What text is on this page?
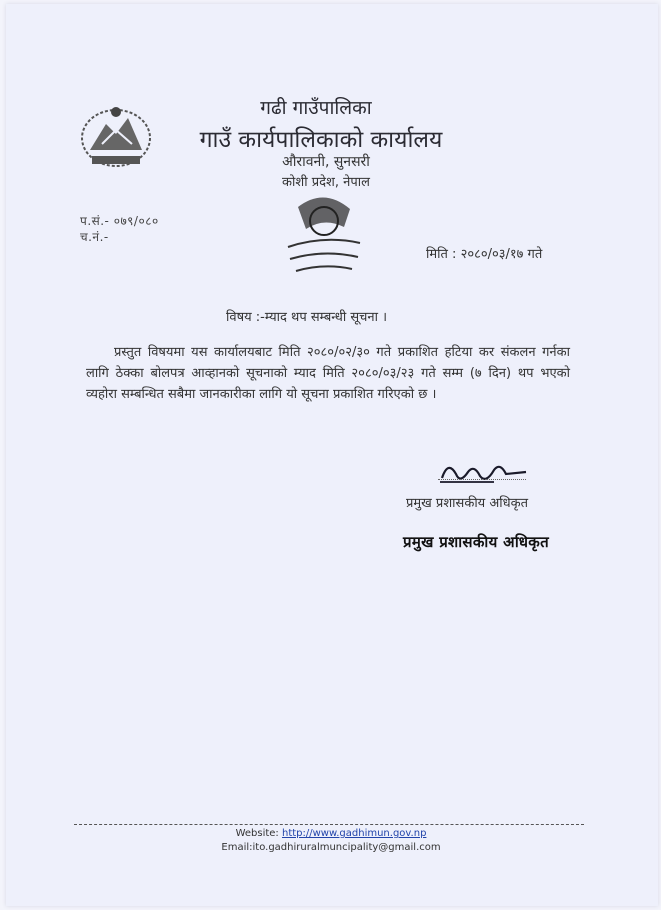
गढी गाउँपालिका
गाउँ कार्यपालिकाको कार्यालय
औरावनी, सुनसरी
कोशी प्रदेश, नेपाल
प.सं.- ०७९/०८०
च.नं.-
मिति : २०८०/०३/१७ गते
विषय :-म्याद थप सम्बन्धी सूचना ।
प्रस्तुत विषयमा यस कार्यालयबाट मिति २०८०/०२/३० गते प्रकाशित हटिया कर संकलन गर्नका लागि ठेक्का बोलपत्र आव्हानको सूचनाको म्याद मिति २०८०/०३/२३ गते सम्म (७ दिन) थप भएको व्यहोरा सम्बन्धित सबैमा जानकारीका लागि यो सूचना प्रकाशित गरिएको छ ।
प्रमुख प्रशासकीय अधिकृत
प्रमुख प्रशासकीय अधिकृत
Website: http://www.gadhimun.gov.np
Email:ito.gadhiruralmuncipality@gmail.com
